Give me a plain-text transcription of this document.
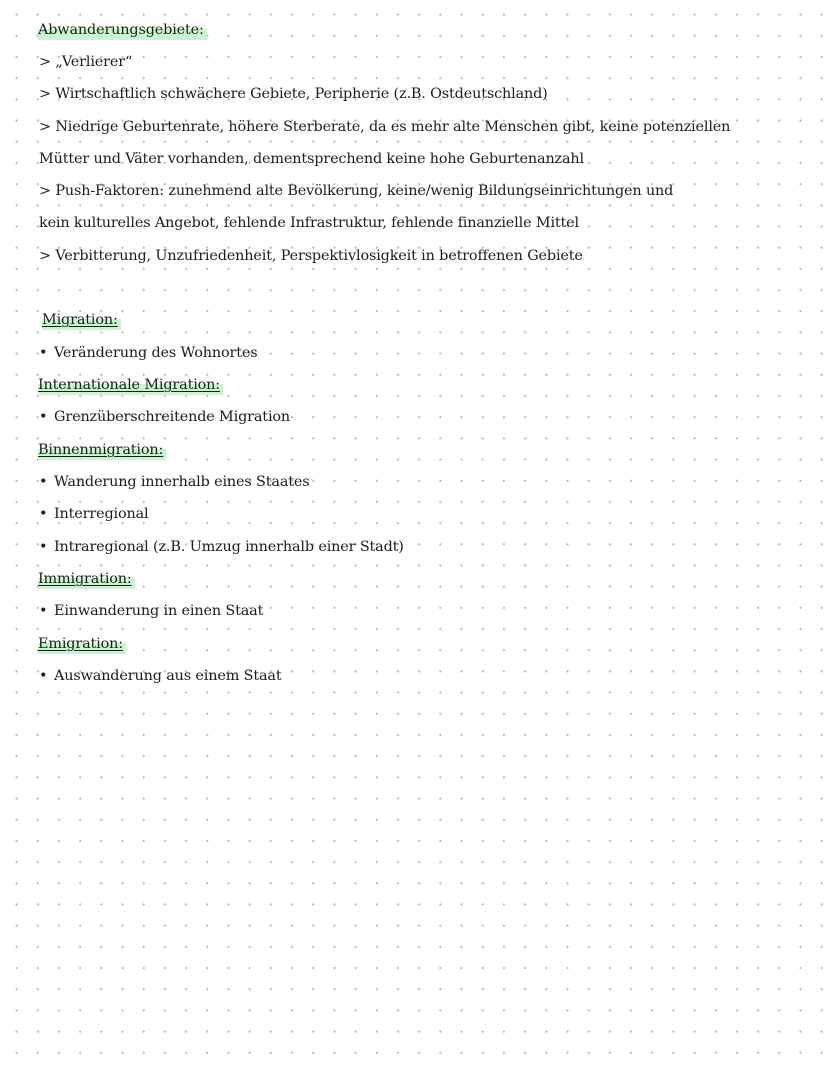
Abwanderungsgebiete:
> „Verlierer“
> Wirtschaftlich schwächere Gebiete, Peripherie (z.B. Ostdeutschland)
> Niedrige Geburtenrate, höhere Sterberate, da es mehr alte Menschen gibt, keine potenziellen
Mütter und Väter vorhanden, dementsprechend keine hohe Geburtenanzahl
> Push-Faktoren: zunehmend alte Bevölkerung, keine/wenig Bildungseinrichtungen und
kein kulturelles Angebot, fehlende Infrastruktur, fehlende finanzielle Mittel
> Verbitterung, Unzufriedenheit, Perspektivlosigkeit in betroffenen Gebiete
Migration:
• Veränderung des Wohnortes
Internationale Migration:
• Grenzüberschreitende Migration
Binnenmigration:
• Wanderung innerhalb eines Staates
• Interregional
• Intraregional (z.B. Umzug innerhalb einer Stadt)
Immigration:
• Einwanderung in einen Staat
Emigration:
• Auswanderung aus einem Staat
